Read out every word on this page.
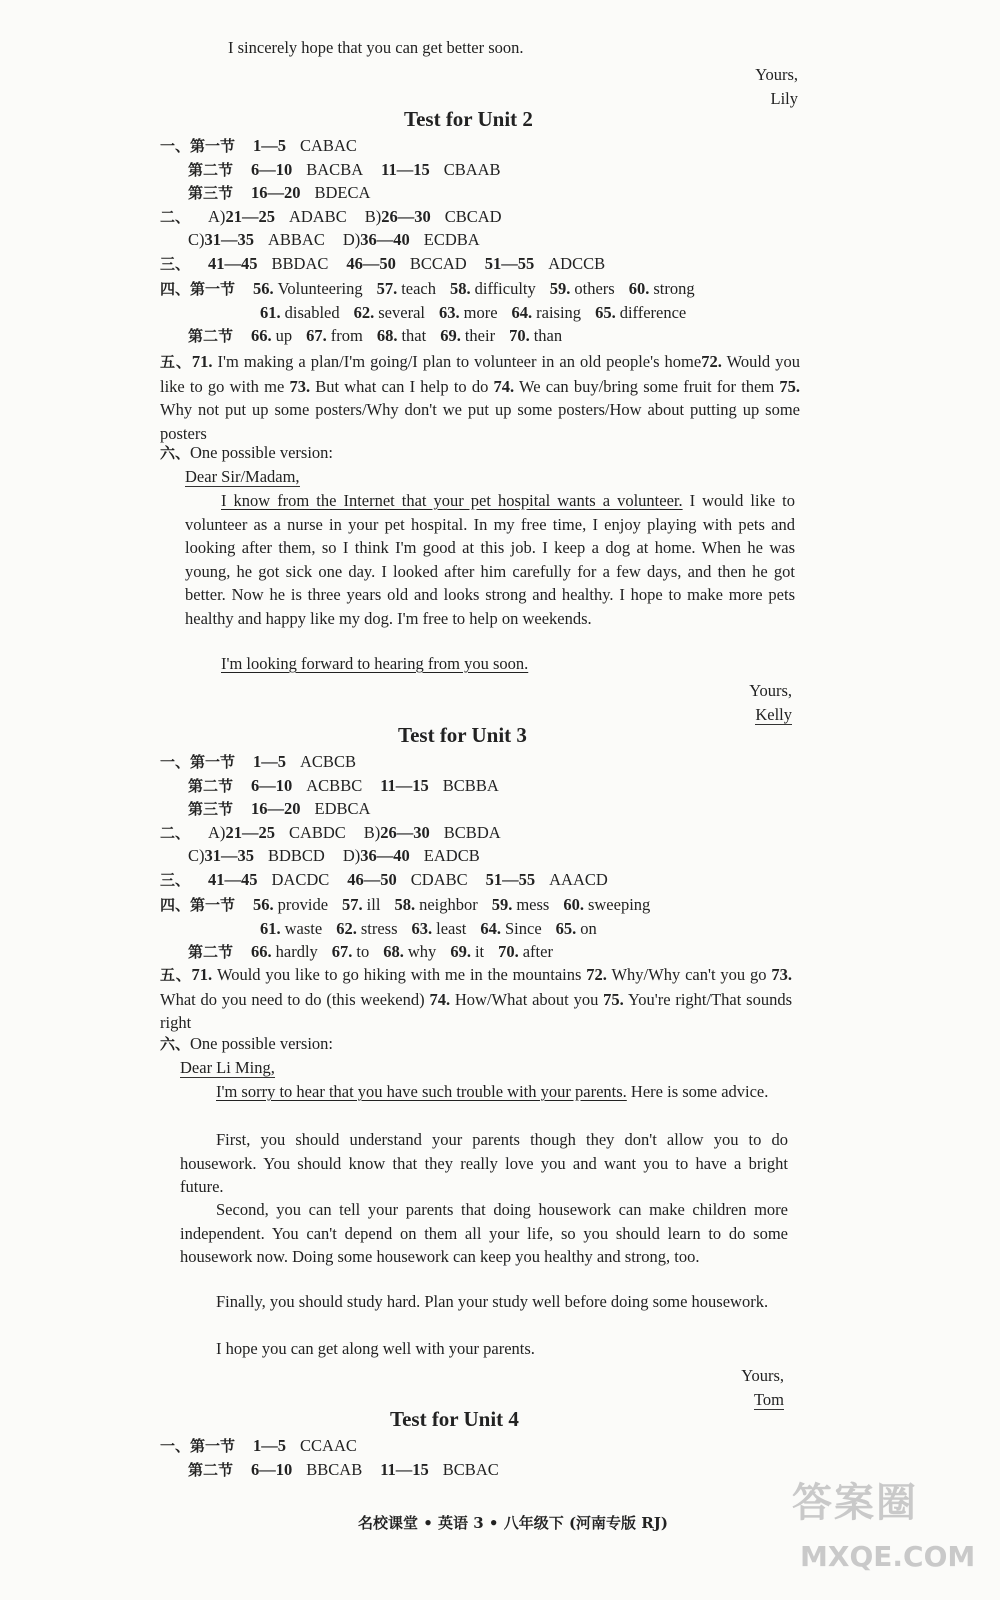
I sincerely hope that you can get better soon.
Yours,
Lily
Test for Unit 2
一、第一节 1—5 CABAC
第二节 6—10 BACBA 11—15 CBAAB
第三节 16—20 BDECA
二、 A)21—25 ADABC B)26—30 CBCAD
C)31—35 ABBAC D)36—40 ECDBA
三、 41—45 BBDAC 46—50 BCCAD 51—55 ADCCB
四、第一节 56. Volunteering 57. teach 58. difficulty 59. others 60. strong
61. disabled 62. several 63. more 64. raising 65. difference
第二节 66. up 67. from 68. that 69. their 70. than
五、71. I'm making a plan/I'm going/I plan to volunteer in an old people's home72. Would you like to go with me 73. But what can I help to do 74. We can buy/bring some fruit for them 75. Why not put up some posters/Why don't we put up some posters/How about putting up some posters
六、One possible version:
Dear Sir/Madam,
I know from the Internet that your pet hospital wants a volunteer. I would like to volunteer as a nurse in your pet hospital. In my free time, I enjoy playing with pets and looking after them, so I think I'm good at this job. I keep a dog at home. When he was young, he got sick one day. I looked after him carefully for a few days, and then he got better. Now he is three years old and looks strong and healthy. I hope to make more pets healthy and happy like my dog. I'm free to help on weekends.
I'm looking forward to hearing from you soon.
Yours,
Kelly
Test for Unit 3
一、第一节 1—5 ACBCB
第二节 6—10 ACBBC 11—15 BCBBA
第三节 16—20 EDBCA
二、 A)21—25 CABDC B)26—30 BCBDA
C)31—35 BDBCD D)36—40 EADCB
三、 41—45 DACDC 46—50 CDABC 51—55 AAACD
四、第一节 56. provide 57. ill 58. neighbor 59. mess 60. sweeping
61. waste 62. stress 63. least 64. Since 65. on
第二节 66. hardly 67. to 68. why 69. it 70. after
五、71. Would you like to go hiking with me in the mountains 72. Why/Why can't you go 73. What do you need to do (this weekend) 74. How/What about you 75. You're right/That sounds right
六、One possible version:
Dear Li Ming,
I'm sorry to hear that you have such trouble with your parents. Here is some advice.
First, you should understand your parents though they don't allow you to do housework. You should know that they really love you and want you to have a bright future.
Second, you can tell your parents that doing housework can make children more independent. You can't depend on them all your life, so you should learn to do some housework now. Doing some housework can keep you healthy and strong, too.
Finally, you should study hard. Plan your study well before doing some housework.
I hope you can get along well with your parents.
Yours,
Tom
Test for Unit 4
一、第一节 1—5 CCAAC
第二节 6—10 BBCAB 11—15 BCBAC
名校课堂 • 英语 3 • 八年级下 (河南专版 RJ)	答案圈
MXQE.COM
